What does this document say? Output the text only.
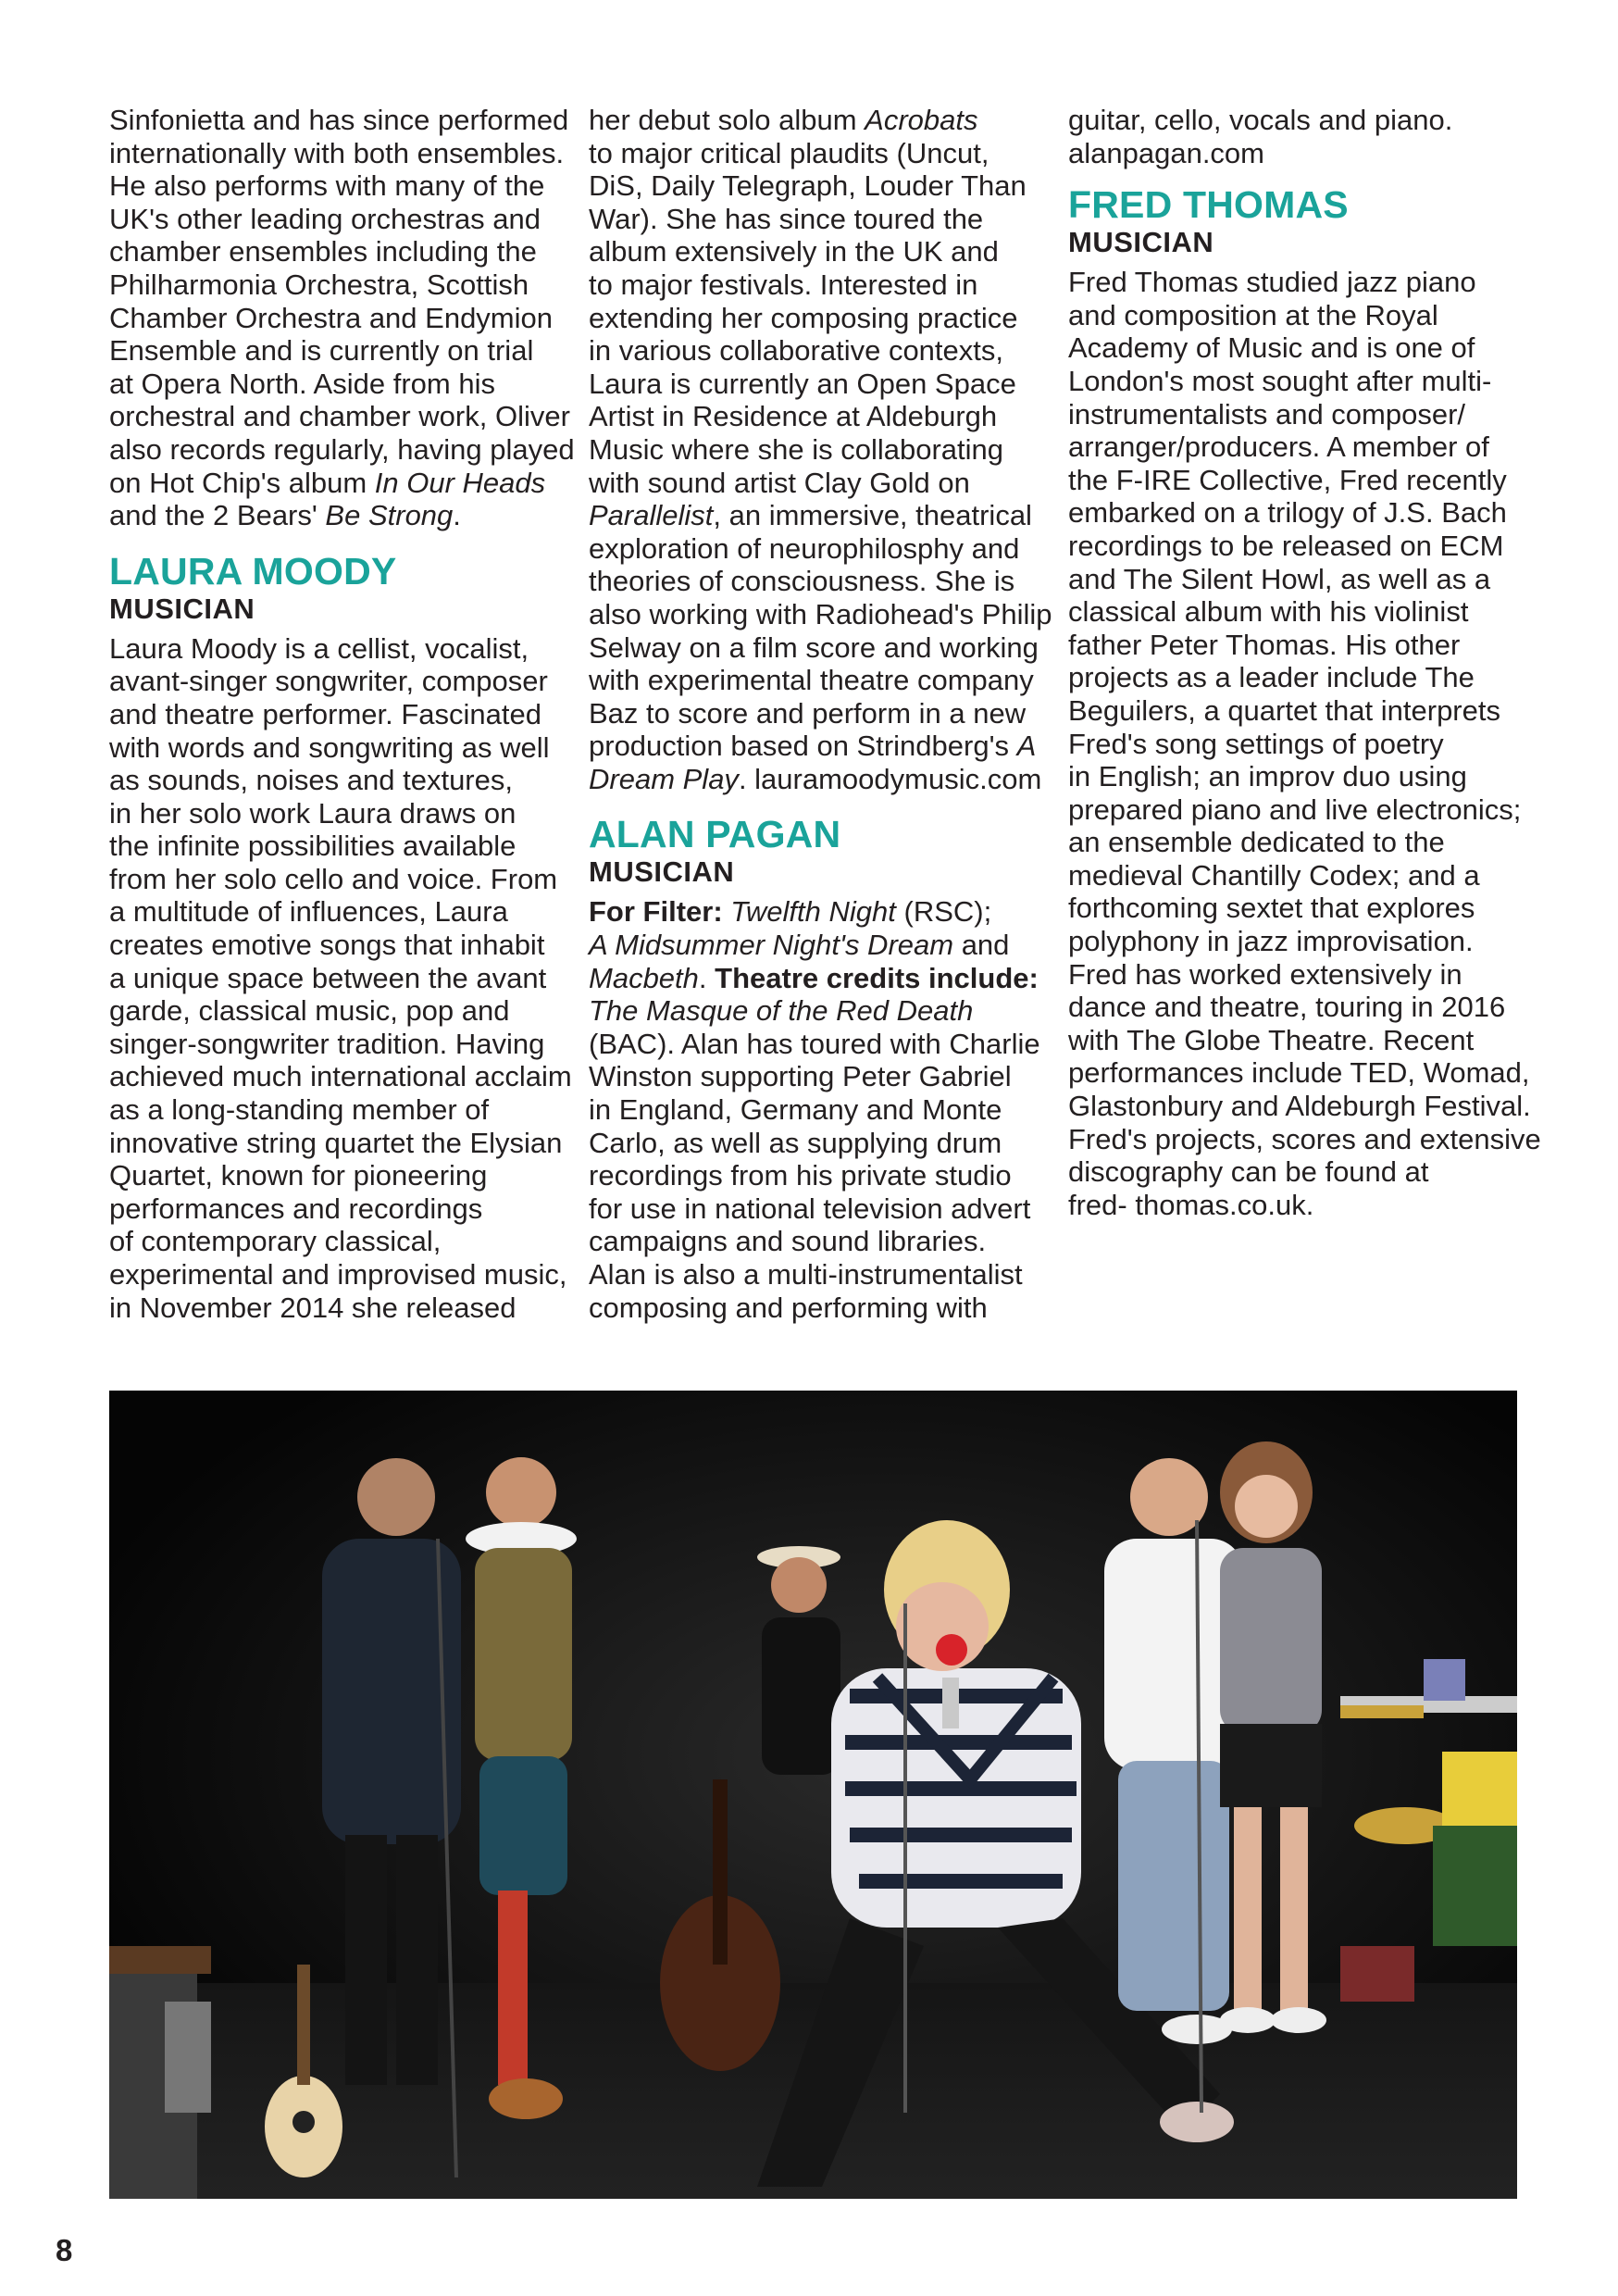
Sinfonietta and has since performed

internationally with both ensembles.

He also performs with many of the

UK's other leading orchestras and

chamber ensembles including the

Philharmonia Orchestra, Scottish

Chamber Orchestra and Endymion

Ensemble and is currently on trial

at Opera North. Aside from his

orchestral and chamber work, Oliver

also records regularly, having played

on Hot Chip's album In Our Heads

and the 2 Bears' Be Strong.

LAURA MOODY
MUSICIAN

Laura Moody is a cellist, vocalist,

avant-singer songwriter, composer

and theatre performer. Fascinated

with words and songwriting as well

as sounds, noises and textures,

in her solo work Laura draws on

the infinite possibilities available

from her solo cello and voice. From

a multitude of influences, Laura

creates emotive songs that inhabit

a unique space between the avant

garde, classical music, pop and

singer-songwriter tradition. Having

achieved much international acclaim

as a long-standing member of

innovative string quartet the Elysian

Quartet, known for pioneering

performances and recordings

of contemporary classical,

experimental and improvised music,

in November 2014 she released

her debut solo album Acrobats

to major critical plaudits (Uncut,

DiS, Daily Telegraph, Louder Than

War). She has since toured the

album extensively in the UK and

to major festivals. Interested in

extending her composing practice

in various collaborative contexts,

Laura is currently an Open Space

Artist in Residence at Aldeburgh

Music where she is collaborating

with sound artist Clay Gold on

Parallelist, an immersive, theatrical

exploration of neurophilosphy and

theories of consciousness. She is

also working with Radiohead's Philip

Selway on a film score and working

with experimental theatre company

Baz to score and perform in a new

production based on Strindberg's A

Dream Play. lauramoodymusic.com

ALAN PAGAN
MUSICIAN

For Filter: Twelfth Night (RSC);

A Midsummer Night's Dream and

Macbeth. Theatre credits include:

The Masque of the Red Death

(BAC). Alan has toured with Charlie

Winston supporting Peter Gabriel

in England, Germany and Monte

Carlo, as well as supplying drum

recordings from his private studio

for use in national television advert

campaigns and sound libraries.

Alan is also a multi-instrumentalist

composing and performing with

guitar, cello, vocals and piano.

alanpagan.com

FRED THOMAS
MUSICIAN

Fred Thomas studied jazz piano

and composition at the Royal

Academy of Music and is one of

London's most sought after multi-

instrumentalists and composer/

arranger/producers. A member of

the F-IRE Collective, Fred recently

embarked on a trilogy of J.S. Bach

recordings to be released on ECM

and The Silent Howl, as well as a

classical album with his violinist

father Peter Thomas. His other

projects as a leader include The

Beguilers, a quartet that interprets

Fred's song settings of poetry

in English; an improv duo using

prepared piano and live electronics;

an ensemble dedicated to the

medieval Chantilly Codex; and a

forthcoming sextet that explores

polyphony in jazz improvisation.

Fred has worked extensively in

dance and theatre, touring in 2016

with The Globe Theatre. Recent

performances include TED, Womad,

Glastonbury and Aldeburgh Festival.

Fred's projects, scores and extensive

discography can be found at

fred- thomas.co.uk.

8
